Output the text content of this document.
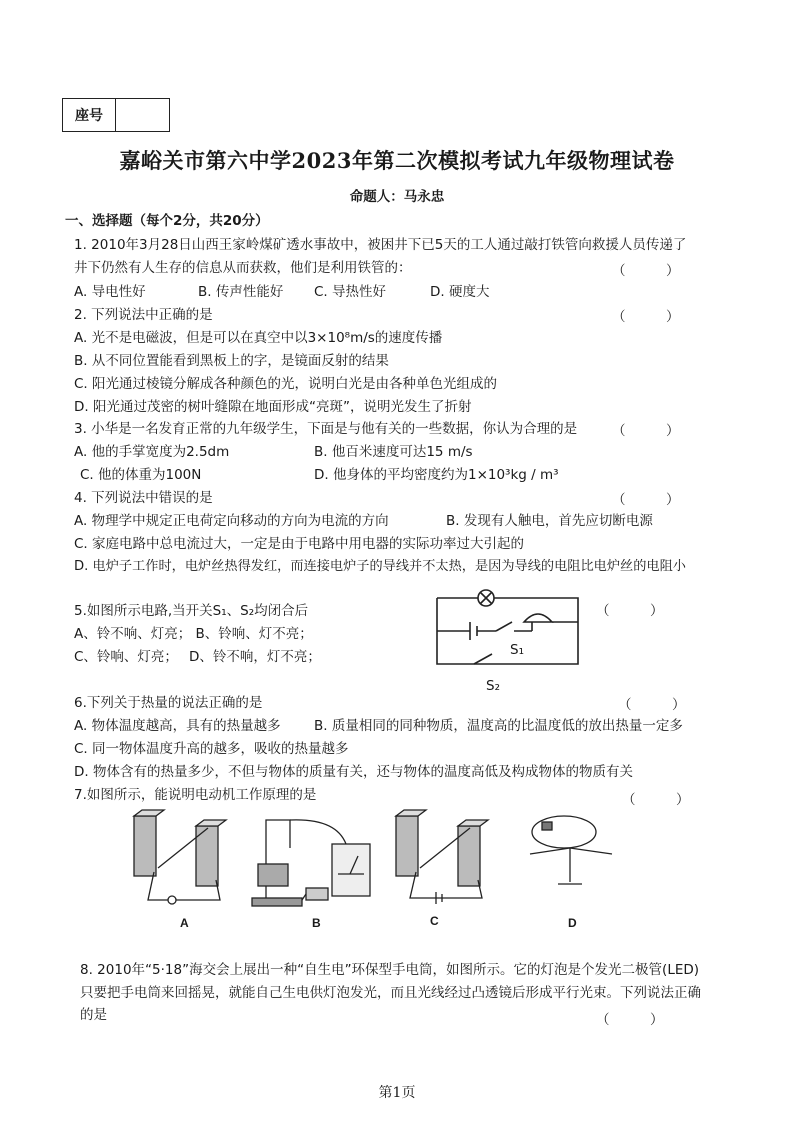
座号
嘉峪关市第六中学2023年第二次模拟考试九年级物理试卷
命题人：马永忠
一、选择题（每个2分，共20分）
1. 2010年3月28日山西王家岭煤矿透水事故中，被困井下已5天的工人通过敲打铁管向救援人员传递了
井下仍然有人生存的信息从而获救，他们是利用铁管的：	（　　　）
A. 导电性好	B. 传声性能好 C. 导热性好	D. 硬度大
2. 下列说法中正确的是	（　　　）
A. 光不是电磁波，但是可以在真空中以3×10⁸m/s的速度传播
B. 从不同位置能看到黑板上的字，是镜面反射的结果
C. 阳光通过棱镜分解成各种颜色的光，说明白光是由各种单色光组成的
D. 阳光通过茂密的树叶缝隙在地面形成“亮斑”，说明光发生了折射
3. 小华是一名发育正常的九年级学生，下面是与他有关的一些数据，你认为合理的是	（　　　）
A. 他的手掌宽度为2.5dm	B. 他百米速度可达15 m/s
C. 他的体重为100N	D. 他身体的平均密度约为1×10³kg / m³
4. 下列说法中错误的是	（　　　）
A. 物理学中规定正电荷定向移动的方向为电流的方向	B. 发现有人触电，首先应切断电源
C. 家庭电路中总电流过大，一定是由于电路中用电器的实际功率过大引起的
D. 电炉子工作时，电炉丝热得发红，而连接电炉子的导线并不太热，是因为导线的电阻比电炉丝的电阻小
5.如图所示电路,当开关S₁、S₂均闭合后
A、铃不响、灯亮； B、铃响、灯不亮；
C、铃响、灯亮；　 D、铃不响，灯不亮；
（　　　）
S₁
S₂
6.下列关于热量的说法正确的是	（　　　）
A. 物体温度越高，具有的热量越多 B. 质量相同的同种物质，温度高的比温度低的放出热量一定多
C. 同一物体温度升高的越多，吸收的热量越多
D. 物体含有的热量多少，不但与物体的质量有关，还与物体的温度高低及构成物体的物质有关
7.如图所示，能说明电动机工作原理的是	（　　　）
A	B	C	D
8. 2010年“5·18”海交会上展出一种“自生电”环保型手电筒，如图所示。它的灯泡是个发光二极管(LED)
只要把手电筒来回摇晃，就能自己生电供灯泡发光，而且光线经过凸透镜后形成平行光束。下列说法正确
的是	（　　　）
第1页
